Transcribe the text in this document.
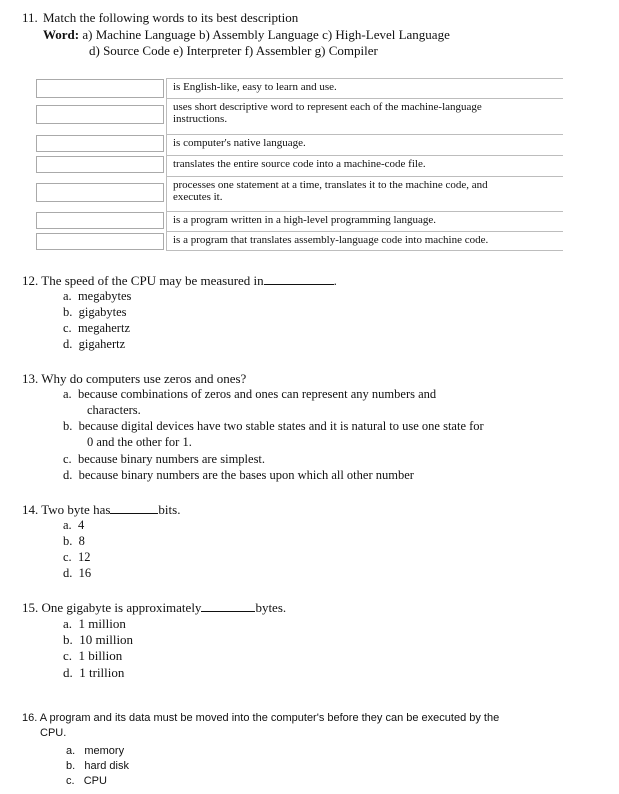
11. Match the following words to its best description
Word: a) Machine Language b) Assembly Language c) High-Level Language
d) Source Code e) Interpreter f) Assembler g) Compiler
is English-like, easy to learn and use.
uses short descriptive word to represent each of the machine-language
instructions.
is computer's native language.
translates the entire source code into a machine-code file.
processes one statement at a time, translates it to the machine code, and
executes it.
is a program written in a high-level programming language.
is a program that translates assembly-language code into machine code.
12. The speed of the CPU may be measured in	.
a. megabytes
b. gigabytes
c. megahertz
d. gigahertz
13. Why do computers use zeros and ones?
a. because combinations of zeros and ones can represent any numbers and
characters.
b. because digital devices have two stable states and it is natural to use one state for
0 and the other for 1.
c. because binary numbers are simplest.
d. because binary numbers are the bases upon which all other number
14. Two byte has	bits.
a. 4
b. 8
c. 12
d. 16
15. One gigabyte is approximately	bytes.
a. 1 million
b. 10 million
c. 1 billion
d. 1 trillion
16. A program and its data must be moved into the computer's before they can be executed by the
CPU.
a. memory
b. hard disk
c. CPU
